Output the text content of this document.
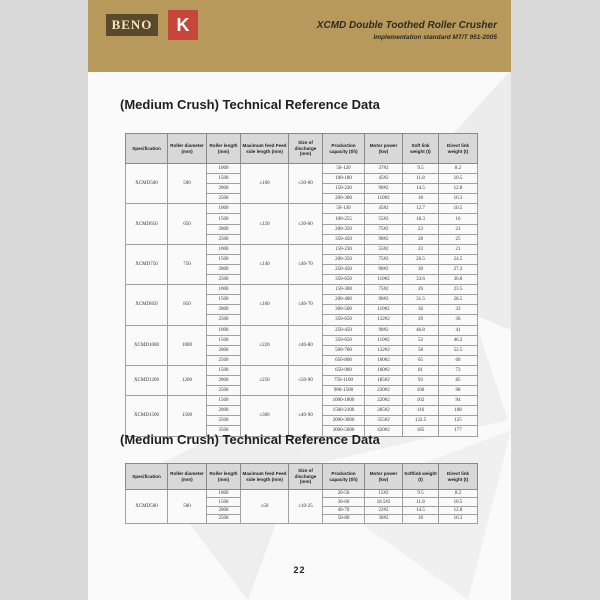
BENO	K	XCMD Double Toothed Roller Crusher
Implementation standard MT/T 951-2005
(Medium Crush) Technical Reference Data
Specification	Roller diameter (mm)	Roller length (mm)	Maximum feed Feed side length (mm)	Size of discharge (mm)	Production capacity (t/h)	Motor power (kw)	Soft link weight (t)	Direct link weight (t)
XCMD500	500	1000	≤100	≤30-60	50-120	37#2	9.5	8.2
		1500			100-180	45#2	11.8	10.5
		2000			150-220	90#2	14.5	12.8
		2500			200-300	110#2	18	16.3
XCMD650	650	1000	≤120	≤30-60	50-130	45#2	12.7	10.5
		1500			100-255	55#2	18.3	16
		2000			200-350	75#2	23	21
		2500			350-450	90#2	28	25
XCMD750	750	1000	≤140	≤40-70	150-230	55#2	23	21
		1500			200-350	75#2	26.5	24.5
		2000			250-450	90#2	30	27.2
		2500			350-650	110#2	33.6	30.8
XCMD850	850	1000	≤160	≤40-70	150-300	75#2	26	23.5
		1500			200-400	90#2	31.5	28.5
		2000			300-500	110#2	36	33
		2500			350-650	132#2	39	36
XCMD1000	1000	1000	≤220	≤40-80	250-450	90#2	46.8	41
		1500			350-650	110#2	52	46.2
		2000			500-700	132#2	58	52.5
		2500			650-800	160#2	65	60
XCMD1200	1200	1500	≤250	≤50-90	650-900	160#2	81	73
		2000			750-1100	185#2	93	85
		2500			900-1500	220#2	106	98
XCMD1500	1500	1500	≤300	≤40-90	1000-1800	220#2	102	94
		2000			1500-2100	285#2	116	108
		2500			2000-3000	355#2	132.5	125
		3500			3000-5000	420#2	185	177
(Medium Crush) Technical Reference Data
Specification	Roller diameter (mm)	Roller length (mm)	Maximum feed Feed side length (mm)	Size of discharge (mm)	Production capacity (t/h)	Motor power (kw)	Softlink weight (t)	Direct link weight (t)
XCMD500	500	1000	≤50	≤10-25	20-50	15#2	9.5	8.2
		1500			30-60	18.5#2	11.8	10.5
		2000			40-70	22#2	14.5	12.8
		2500			50-80	30#2	18	16.3
22
